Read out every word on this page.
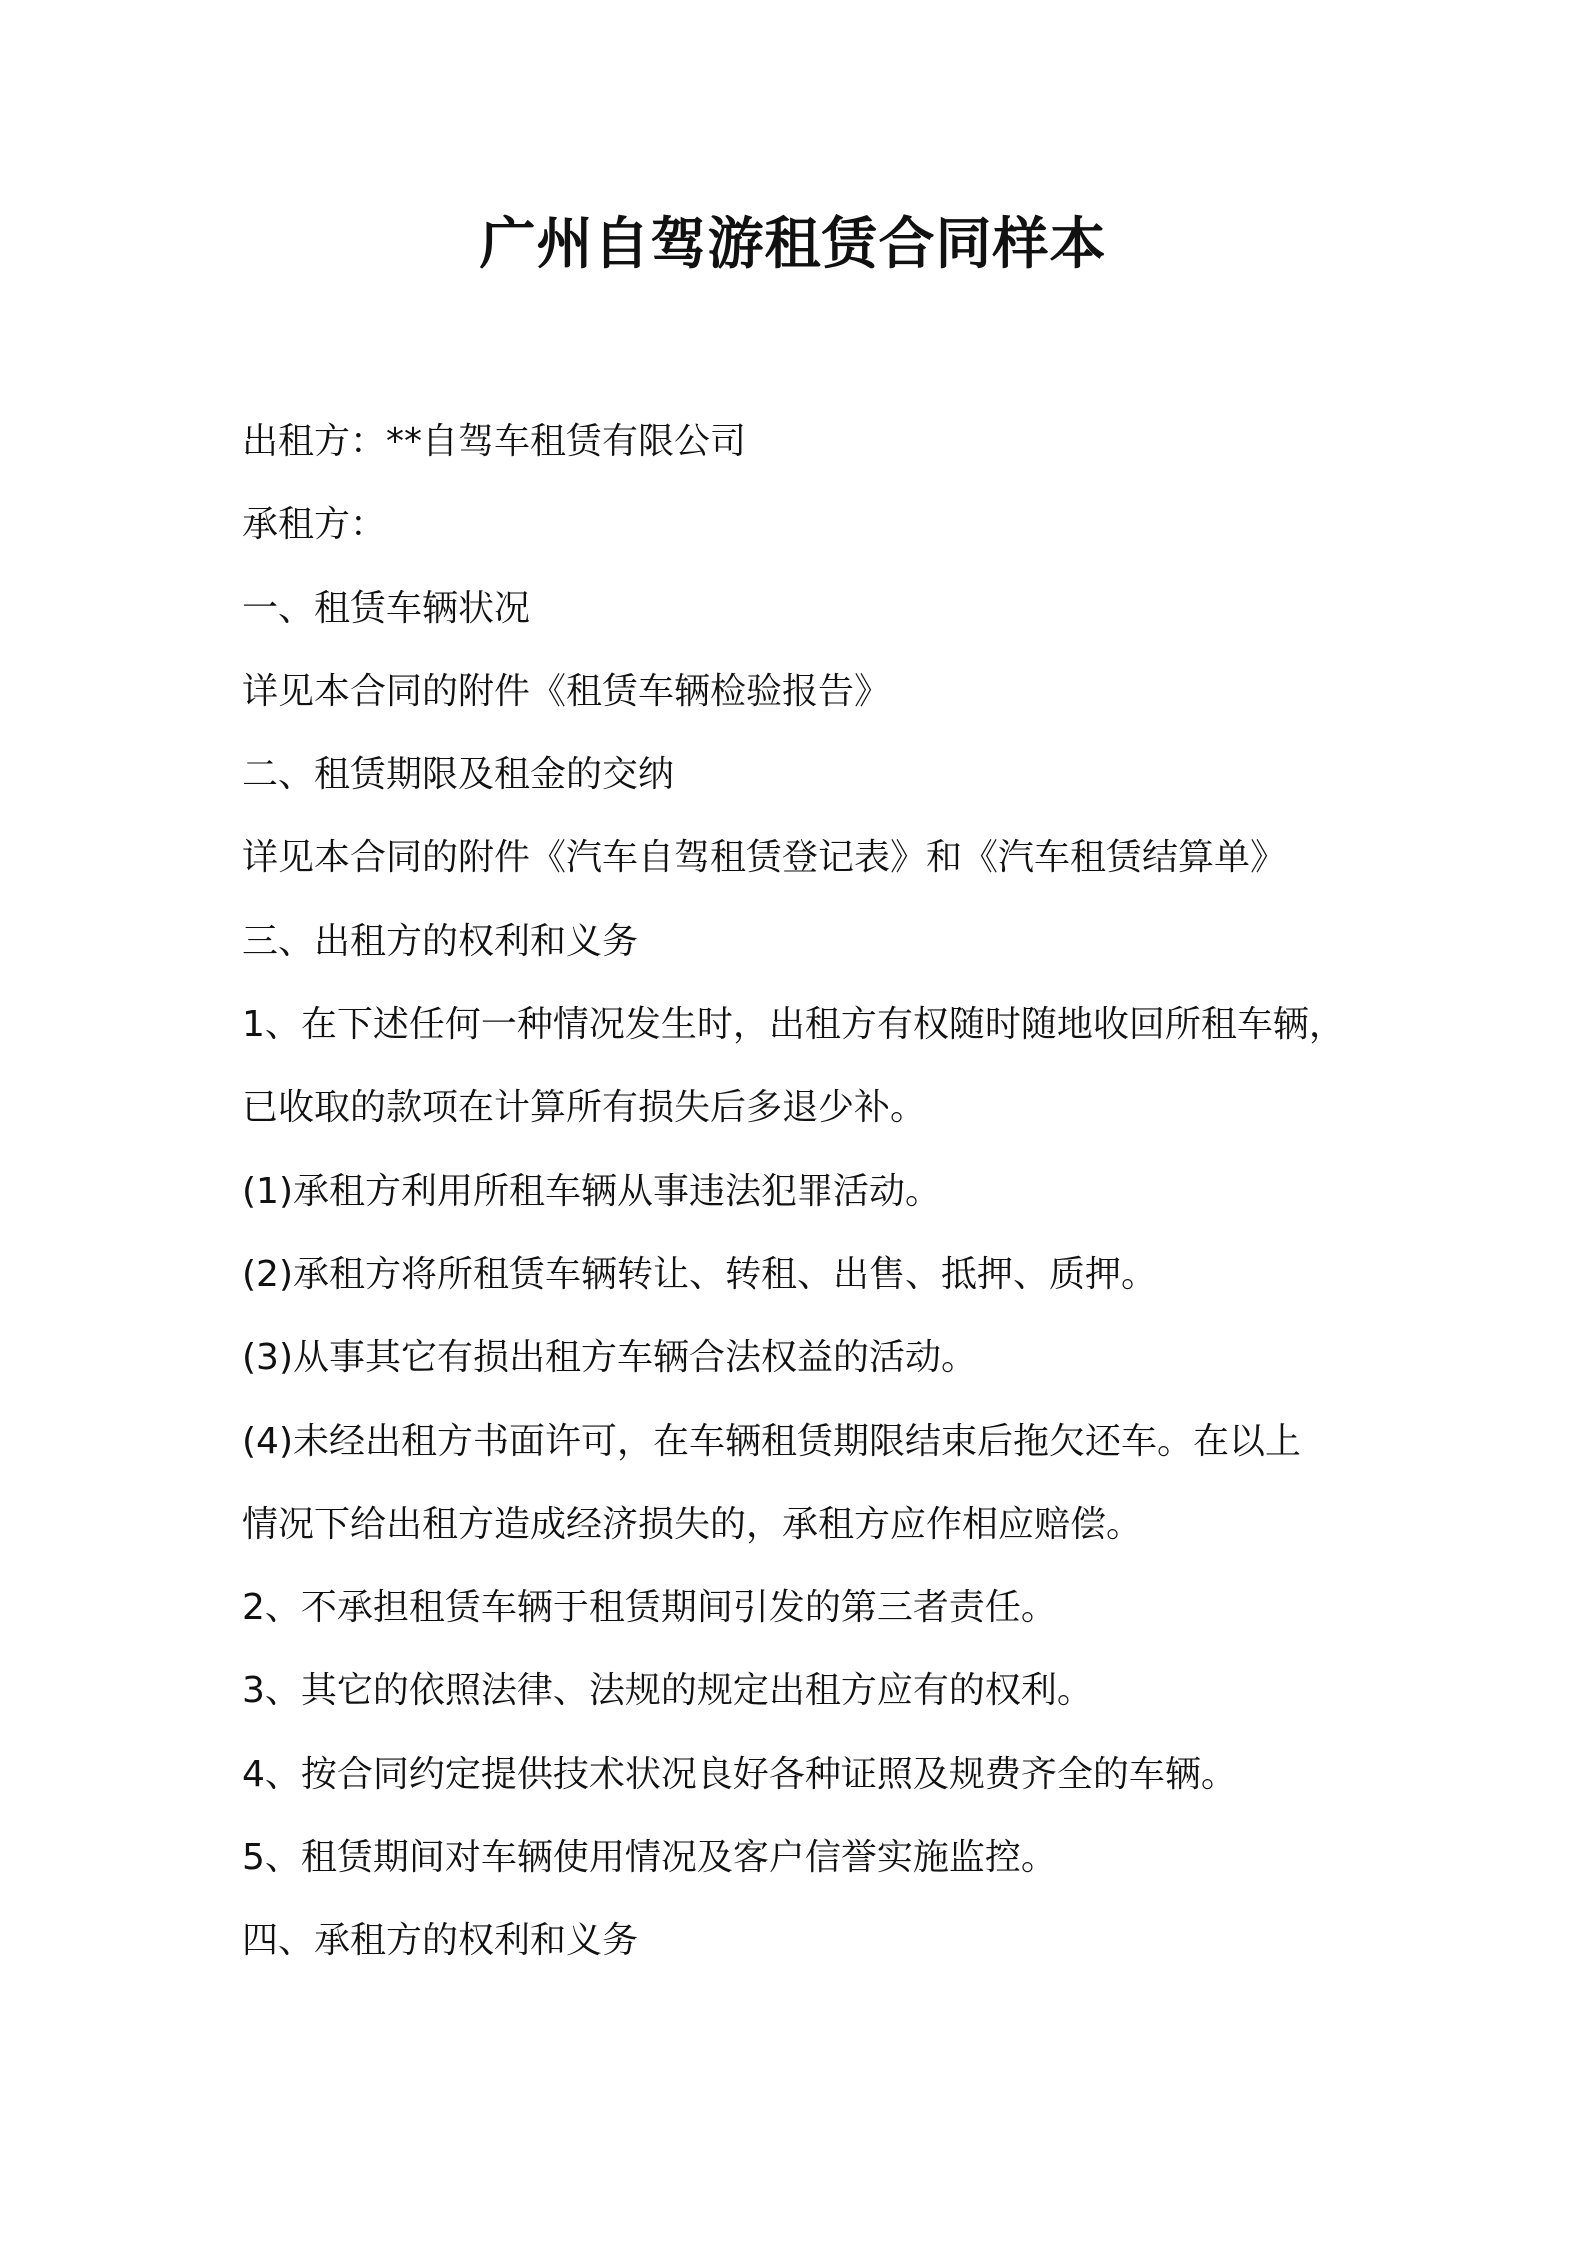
广州自驾游租赁合同样本

出租方：**自驾车租赁有限公司

承租方：

一、租赁车辆状况

详见本合同的附件《租赁车辆检验报告》

二、租赁期限及租金的交纳

详见本合同的附件《汽车自驾租赁登记表》和《汽车租赁结算单》

三、出租方的权利和义务

1、在下述任何一种情况发生时，出租方有权随时随地收回所租车辆，

已收取的款项在计算所有损失后多退少补。

(1)承租方利用所租车辆从事违法犯罪活动。

(2)承租方将所租赁车辆转让、转租、出售、抵押、质押。

(3)从事其它有损出租方车辆合法权益的活动。

(4)未经出租方书面许可，在车辆租赁期限结束后拖欠还车。在以上

情况下给出租方造成经济损失的，承租方应作相应赔偿。

2、不承担租赁车辆于租赁期间引发的第三者责任。

3、其它的依照法律、法规的规定出租方应有的权利。

4、按合同约定提供技术状况良好各种证照及规费齐全的车辆。

5、租赁期间对车辆使用情况及客户信誉实施监控。

四、承租方的权利和义务
